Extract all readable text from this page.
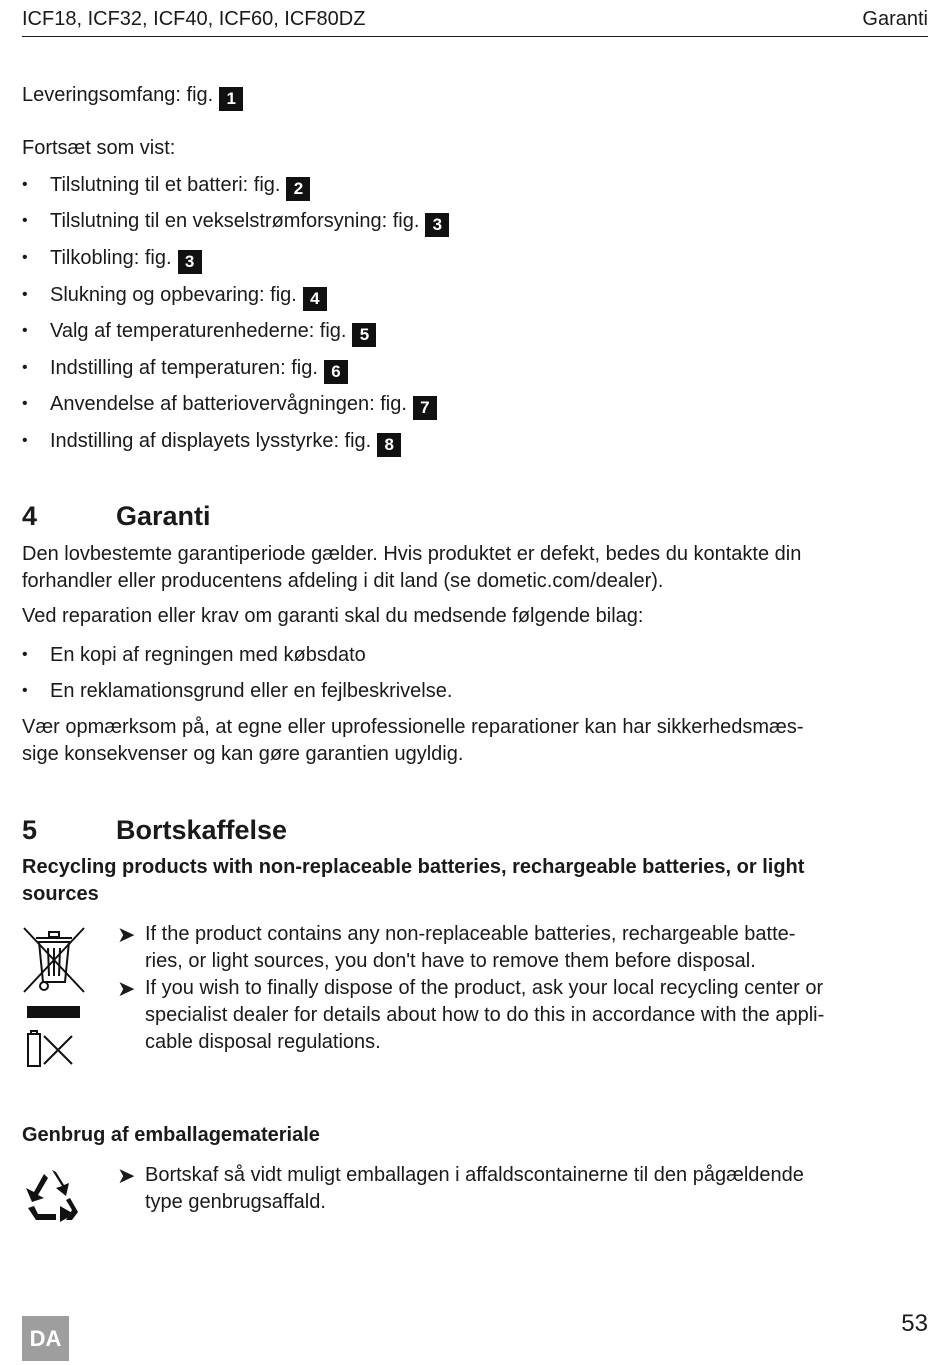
ICF18, ICF32, ICF40, ICF60, ICF80DZ	Garanti
Leveringsomfang: fig. 1
Fortsæt som vist:
• Tilslutning til et batteri: fig. 2
• Tilslutning til en vekselstrømforsyning: fig. 3
• Tilkobling: fig. 3
• Slukning og opbevaring: fig. 4
• Valg af temperaturenhederne: fig. 5
• Indstilling af temperaturen: fig. 6
• Anvendelse af batteriovervågningen: fig. 7
• Indstilling af displayets lysstyrke: fig. 8
4	Garanti
Den lovbestemte garantiperiode gælder. Hvis produktet er defekt, bedes du kontakte din
forhandler eller producentens afdeling i dit land (se dometic.com/dealer).
Ved reparation eller krav om garanti skal du medsende følgende bilag:
• En kopi af regningen med købsdato
• En reklamationsgrund eller en fejlbeskrivelse.
Vær opmærksom på, at egne eller uprofessionelle reparationer kan har sikkerhedsmæs-
sige konsekvenser og kan gøre garantien ugyldig.
5	Bortskaffelse
Recycling products with non-replaceable batteries, rechargeable batteries, or light
sources
➤ If the product contains any non-replaceable batteries, rechargeable batte-
ries, or light sources, you don't have to remove them before disposal.
➤ If you wish to finally dispose of the product, ask your local recycling center or
specialist dealer for details about how to do this in accordance with the appli-
cable disposal regulations.
Genbrug af emballagemateriale
➤ Bortskaf så vidt muligt emballagen i affaldscontainerne til den pågældende
type genbrugsaffald.
DA
53
